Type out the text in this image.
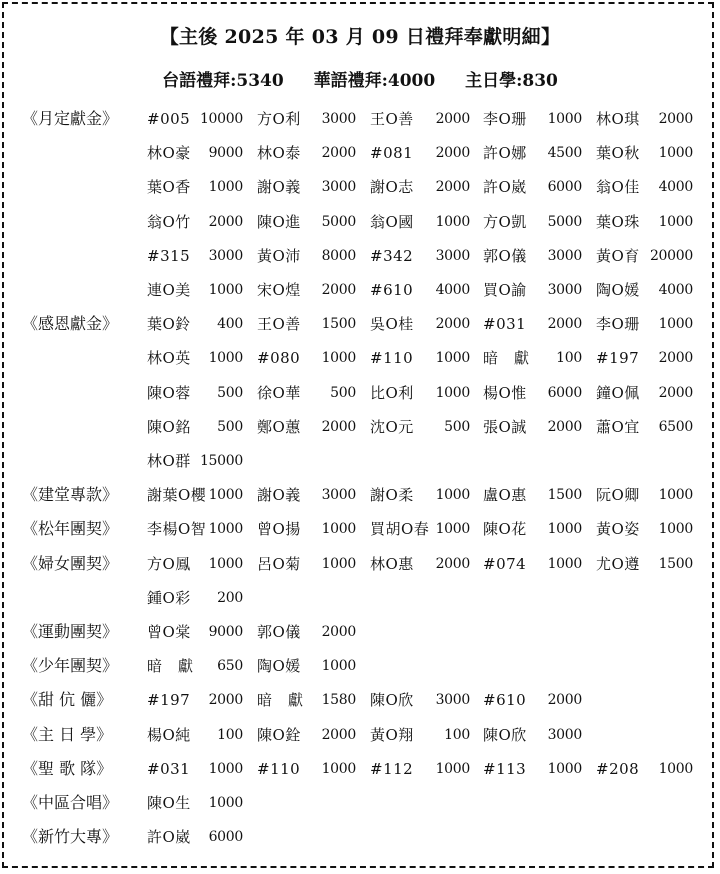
【主後 2025 年 03 月 09 日禮拜奉獻明細】
台語禮拜:5340 華語禮拜:4000 主日學:830
《月定獻金》	#005 10000 方O利 3000 王O善 2000 李O珊 1000 林O琪 2000
林O豪 9000 林O泰 2000 #081 2000 許O娜 4500 葉O秋 1000
葉O香 1000 謝O義 3000 謝O志 2000 許O崴 6000 翁O佳 4000
翁O竹 2000 陳O進 5000 翁O國 1000 方O凱 5000 葉O珠 1000
#315 3000 黃O沛 8000 #342 3000 郭O儀 3000 黃O育 20000
連O美 1000 宋O煌 2000 #610 4000 買O諭 3000 陶O媛 4000
《感恩獻金》	葉O鈴 400 王O善 1500 吳O桂 2000 #031 2000 李O珊 1000
林O英 1000 #080 1000 #110 1000 暗　獻 100 #197 2000
陳O蓉 500 徐O華 500 比O利 1000 楊O惟 6000 鐘O佩 2000
陳O銘 500 鄭O蕙 2000 沈O元 500 張O誠 2000 蕭O宜 6500
林O群 15000
《建堂專款》	謝葉O櫻 1000 謝O義 3000 謝O柔 1000 盧O惠 1500 阮O卿 1000
《松年團契》	李楊O智 1000 曾O揚 1000 買胡O春 1000 陳O花 1000 黃O姿 1000
《婦女團契》	方O鳳 1000 呂O菊 1000 林O惠 2000 #074 1000 尤O遵 1500
鍾O彩 200
《運動團契》	曾O棠 9000 郭O儀 2000
《少年團契》	暗　獻 650 陶O媛 1000
《甜 伉 儷》	#197 2000 暗　獻 1580 陳O欣 3000 #610 2000
《主 日 學》	楊O純 100 陳O銓 2000 黃O翔 100 陳O欣 3000
《聖 歌 隊》	#031 1000 #110 1000 #112 1000 #113 1000 #208 1000
《中區合唱》	陳O生 1000
《新竹大專》	許O崴 6000
